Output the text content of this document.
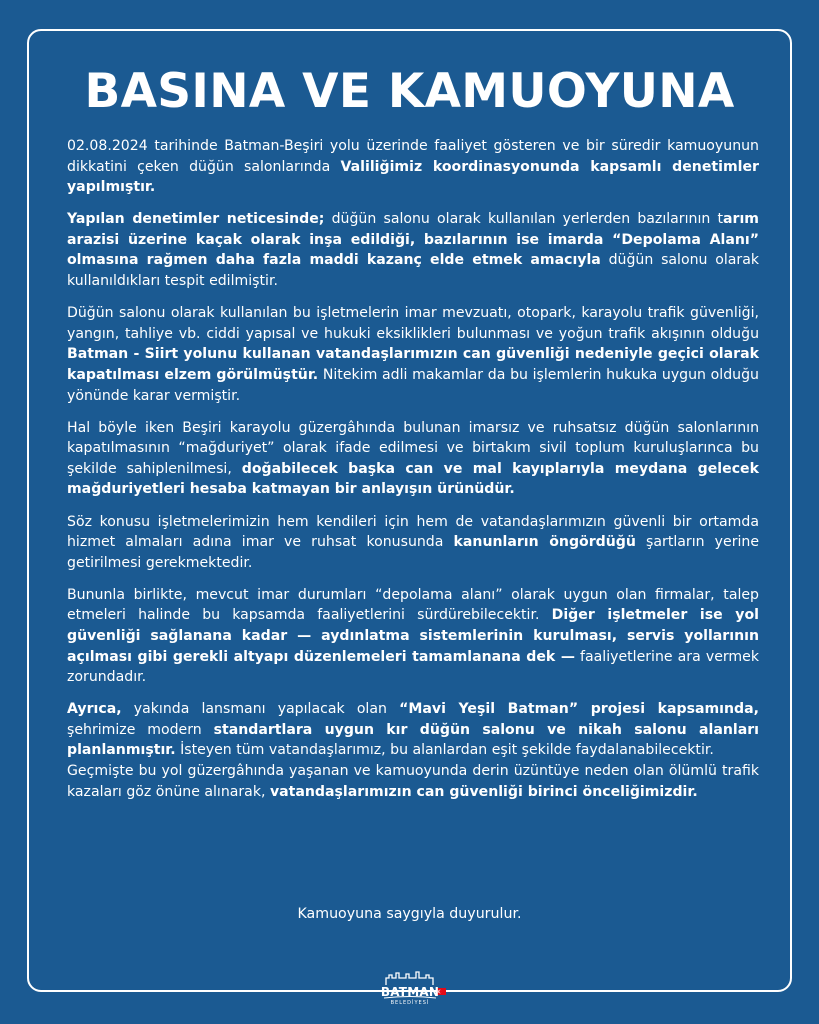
BASINA VE KAMUOYUNA

02.08.2024 tarihinde Batman-Beşiri yolu üzerinde faaliyet gösteren ve bir süredir kamuoyunun dikkatini çeken düğün salonlarında Valiliğimiz koordinasyonunda kapsamlı denetimler yapılmıştır.

Yapılan denetimler neticesinde; düğün salonu olarak kullanılan yerlerden bazılarının tarım arazisi üzerine kaçak olarak inşa edildiği, bazılarının ise imarda “Depolama Alanı” olmasına rağmen daha fazla maddi kazanç elde etmek amacıyla düğün salonu olarak kullanıldıkları tespit edilmiştir.

Düğün salonu olarak kullanılan bu işletmelerin imar mevzuatı, otopark, karayolu trafik güvenliği, yangın, tahliye vb. ciddi yapısal ve hukuki eksiklikleri bulunması ve yoğun trafik akışının olduğu Batman - Siirt yolunu kullanan vatandaşlarımızın can güvenliği nedeniyle geçici olarak kapatılması elzem görülmüştür. Nitekim adli makamlar da bu işlemlerin hukuka uygun olduğu yönünde karar vermiştir.

Hal böyle iken Beşiri karayolu güzergâhında bulunan imarsız ve ruhsatsız düğün salonlarının kapatılmasının “mağduriyet” olarak ifade edilmesi ve birtakım sivil toplum kuruluşlarınca bu şekilde sahiplenilmesi, doğabilecek başka can ve mal kayıplarıyla meydana gelecek mağduriyetleri hesaba katmayan bir anlayışın ürünüdür.

Söz konusu işletmelerimizin hem kendileri için hem de vatandaşlarımızın güvenli bir ortamda hizmet almaları adına imar ve ruhsat konusunda kanunların öngördüğü şartların yerine getirilmesi gerekmektedir.

Bununla birlikte, mevcut imar durumları “depolama alanı” olarak uygun olan firmalar, talep etmeleri halinde bu kapsamda faaliyetlerini sürdürebilecektir. Diğer işletmeler ise yol güvenliği sağlanana kadar — aydınlatma sistemlerinin kurulması, servis yollarının açılması gibi gerekli altyapı düzenlemeleri tamamlanana dek — faaliyetlerine ara vermek zorundadır.

Ayrıca, yakında lansmanı yapılacak olan “Mavi Yeşil Batman” projesi kapsamında, şehrimize modern standartlara uygun kır düğün salonu ve nikah salonu alanları planlanmıştır. İsteyen tüm vatandaşlarımız, bu alanlardan eşit şekilde faydalanabilecektir.

Geçmişte bu yol güzergâhında yaşanan ve kamuoyunda derin üzüntüye neden olan ölümlü trafik kazaları göz önüne alınarak, vatandaşlarımızın can güvenliği birinci önceliğimizdir.

Kamuoyuna saygıyla duyurulur.
BATMAN
BELEDİYESİ
